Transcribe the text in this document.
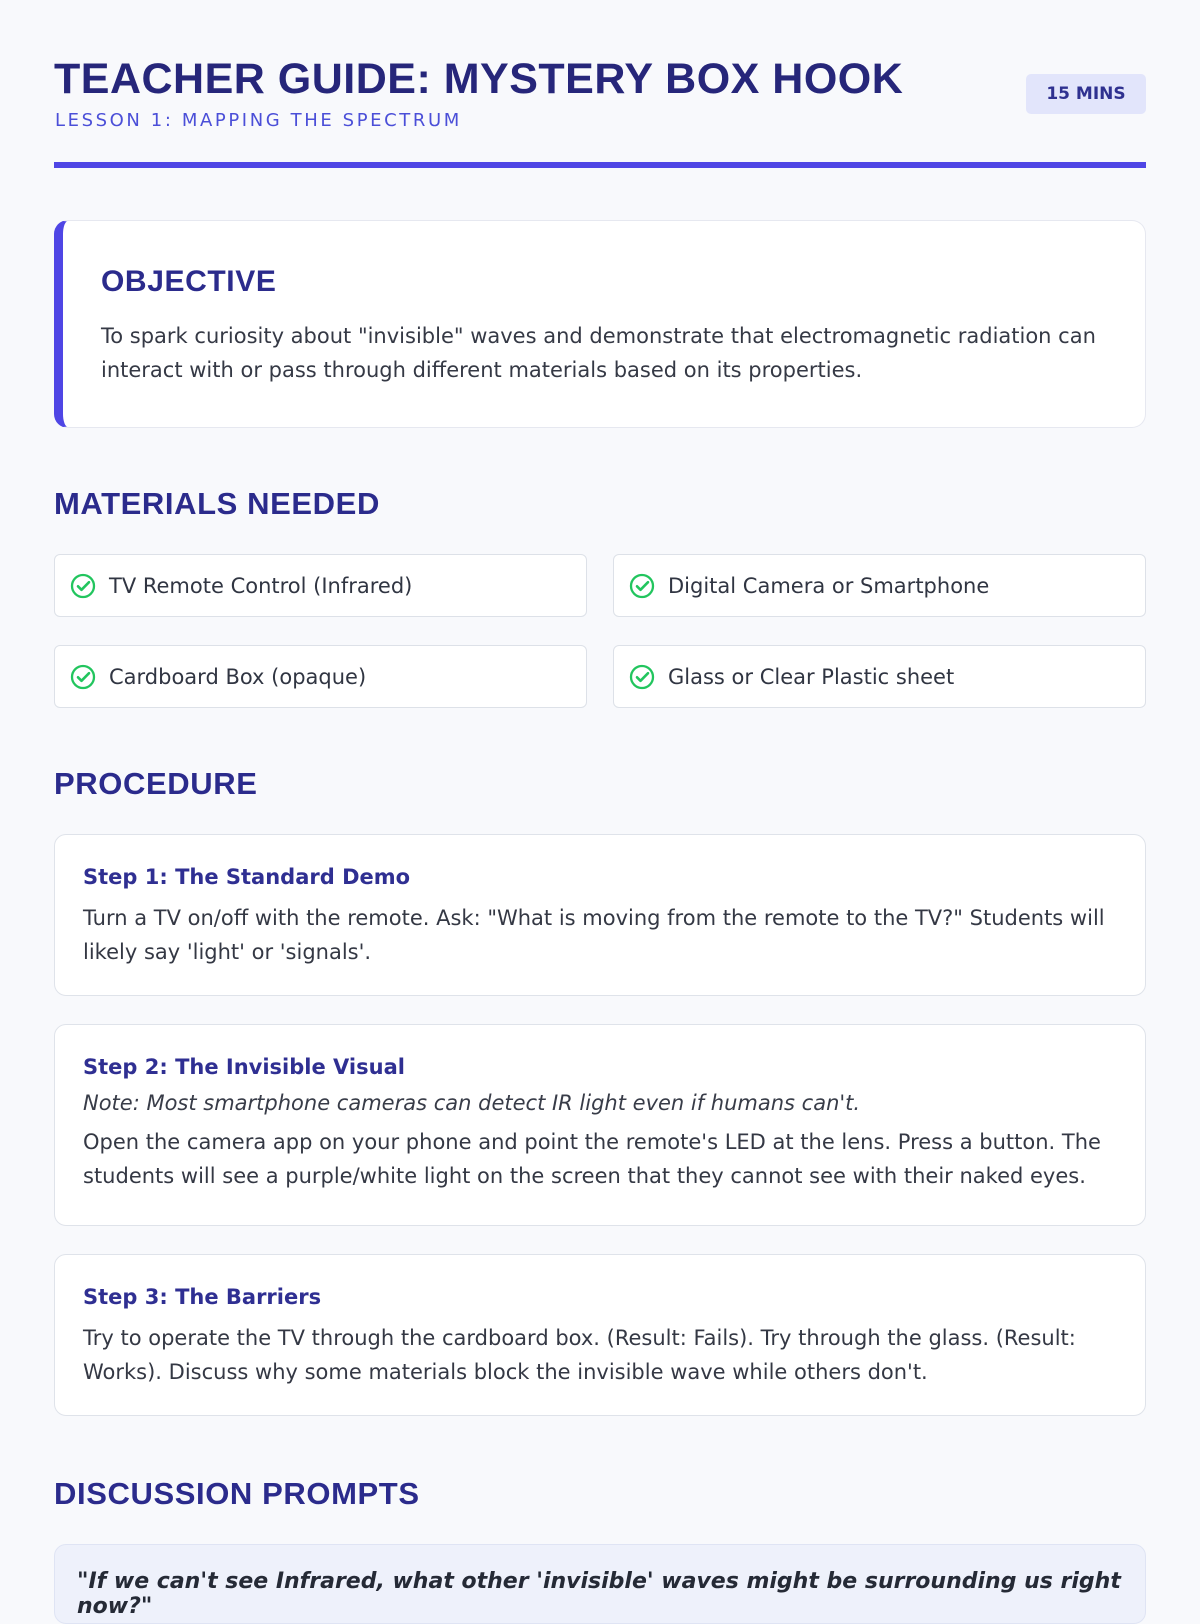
TEACHER GUIDE: MYSTERY BOX HOOK
LESSON 1: MAPPING THE SPECTRUM
15 MINS
OBJECTIVE

To spark curiosity about "invisible" waves and demonstrate that electromagnetic radiation can interact with or pass through different materials based on its properties.

MATERIALS NEEDED
TV Remote Control (Infrared)	Digital Camera or Smartphone
Cardboard Box (opaque)	Glass or Clear Plastic sheet
PROCEDURE
Step 1: The Standard Demo

Turn a TV on/off with the remote. Ask: "What is moving from the remote to the TV?" Students will likely say 'light' or 'signals'.

Step 2: The Invisible Visual

Note: Most smartphone cameras can detect IR light even if humans can't.

Open the camera app on your phone and point the remote's LED at the lens. Press a button. The students will see a purple/white light on the screen that they cannot see with their naked eyes.

Step 3: The Barriers

Try to operate the TV through the cardboard box. (Result: Fails). Try through the glass. (Result: Works). Discuss why some materials block the invisible wave while others don't.

DISCUSSION PROMPTS
"If we can't see Infrared, what other 'invisible' waves might be surrounding us right now?"
